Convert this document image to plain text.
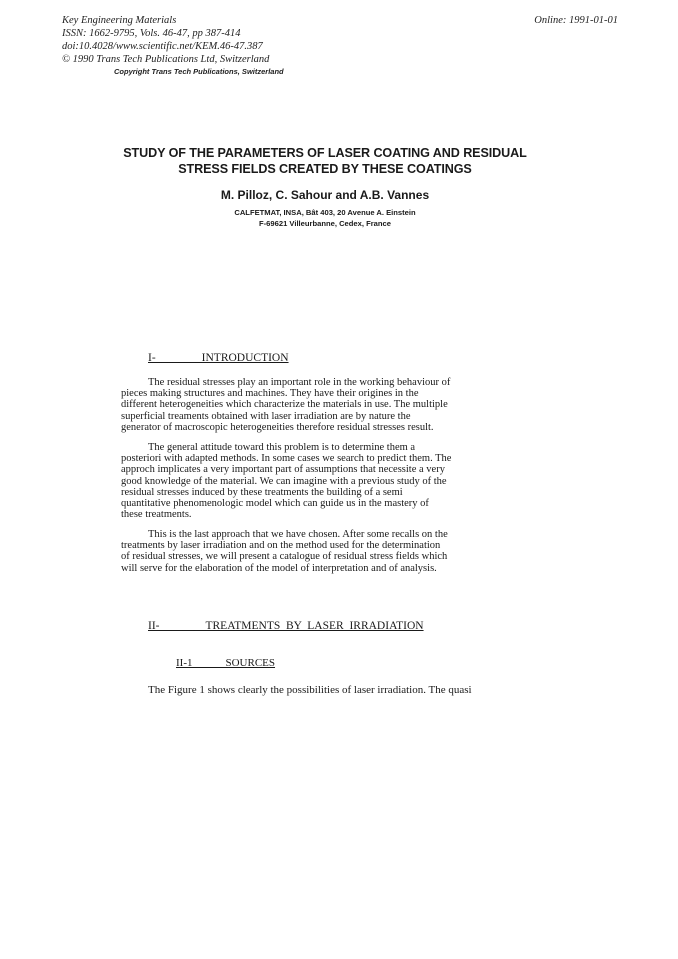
Key Engineering Materials
ISSN: 1662-9795, Vols. 46-47, pp 387-414
doi:10.4028/www.scientific.net/KEM.46-47.387
© 1990 Trans Tech Publications Ltd, Switzerland
Online: 1991-01-01
Copyright Trans Tech Publications, Switzerland
STUDY OF THE PARAMETERS OF LASER COATING AND RESIDUAL
STRESS FIELDS CREATED BY THESE COATINGS
M. Pilloz, C. Sahour and A.B. Vannes
CALFETMAT, INSA, Bât 403, 20 Avenue A. Einstein
F-69621 Villeurbanne, Cedex, France
I-________INTRODUCTION
The residual stresses play an important role in the working behaviour of
pieces making structures and machines. They have their origines in the
different heterogeneities which characterize the materials in use. The multiple
superficial treaments obtained with laser irradiation are by nature the
generator of macroscopic heterogeneities therefore residual stresses result.
The general attitude toward this problem is to determine them a
posteriori with adapted methods. In some cases we search to predict them. The
approch implicates a very important part of assumptions that necessite a very
good knowledge of the material. We can imagine with a previous study of the
residual stresses induced by these treatments the building of a semi
quantitative phenomenologic model which can guide us in the mastery of
these treatments.
This is the last approach that we have chosen. After some recalls on the
treatments by laser irradiation and on the method used for the determination
of residual stresses, we will present a catalogue of residual stress fields which
will serve for the elaboration of the model of interpretation and of analysis.
II-________TREATMENTS  BY  LASER  IRRADIATION
II-1______SOURCES
The Figure 1 shows clearly the possibilities of laser irradiation. The quasi
